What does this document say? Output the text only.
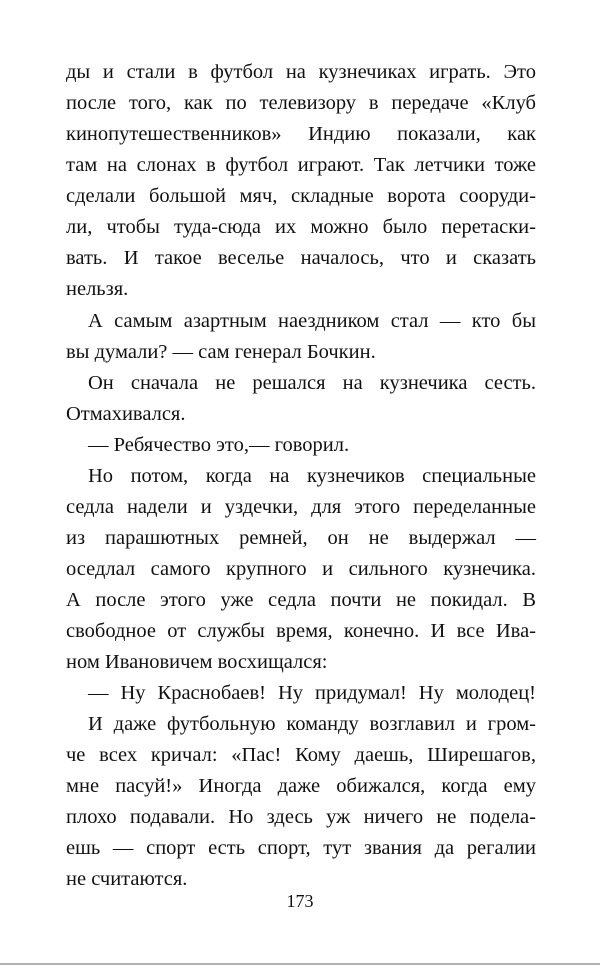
ды и стали в футбол на кузнечиках играть. Это
после того, как по телевизору в передаче «Клуб
кинопутешественников» Индию показали, как
там на слонах в футбол играют. Так летчики тоже
сделали большой мяч, складные ворота сооруди-
ли, чтобы туда-сюда их можно было перетаски-
вать. И такое веселье началось, что и сказать
нельзя.
А самым азартным наездником стал — кто бы
вы думали? — сам генерал Бочкин.
Он сначала не решался на кузнечика сесть.
Отмахивался.
— Ребячество это,— говорил.
Но потом, когда на кузнечиков специальные
седла надели и уздечки, для этого переделанные
из парашютных ремней, он не выдержал —
оседлал самого крупного и сильного кузнечика.
А после этого уже седла почти не покидал. В
свободное от службы время, конечно. И все Ива-
ном Ивановичем восхищался:
— Ну Краснобаев! Ну придумал! Ну молодец!
И даже футбольную команду возглавил и гром-
че всех кричал: «Пас! Кому даешь, Ширешагов,
мне пасуй!» Иногда даже обижался, когда ему
плохо подавали. Но здесь уж ничего не подела-
ешь — спорт есть спорт, тут звания да регалии
не считаются.
173
